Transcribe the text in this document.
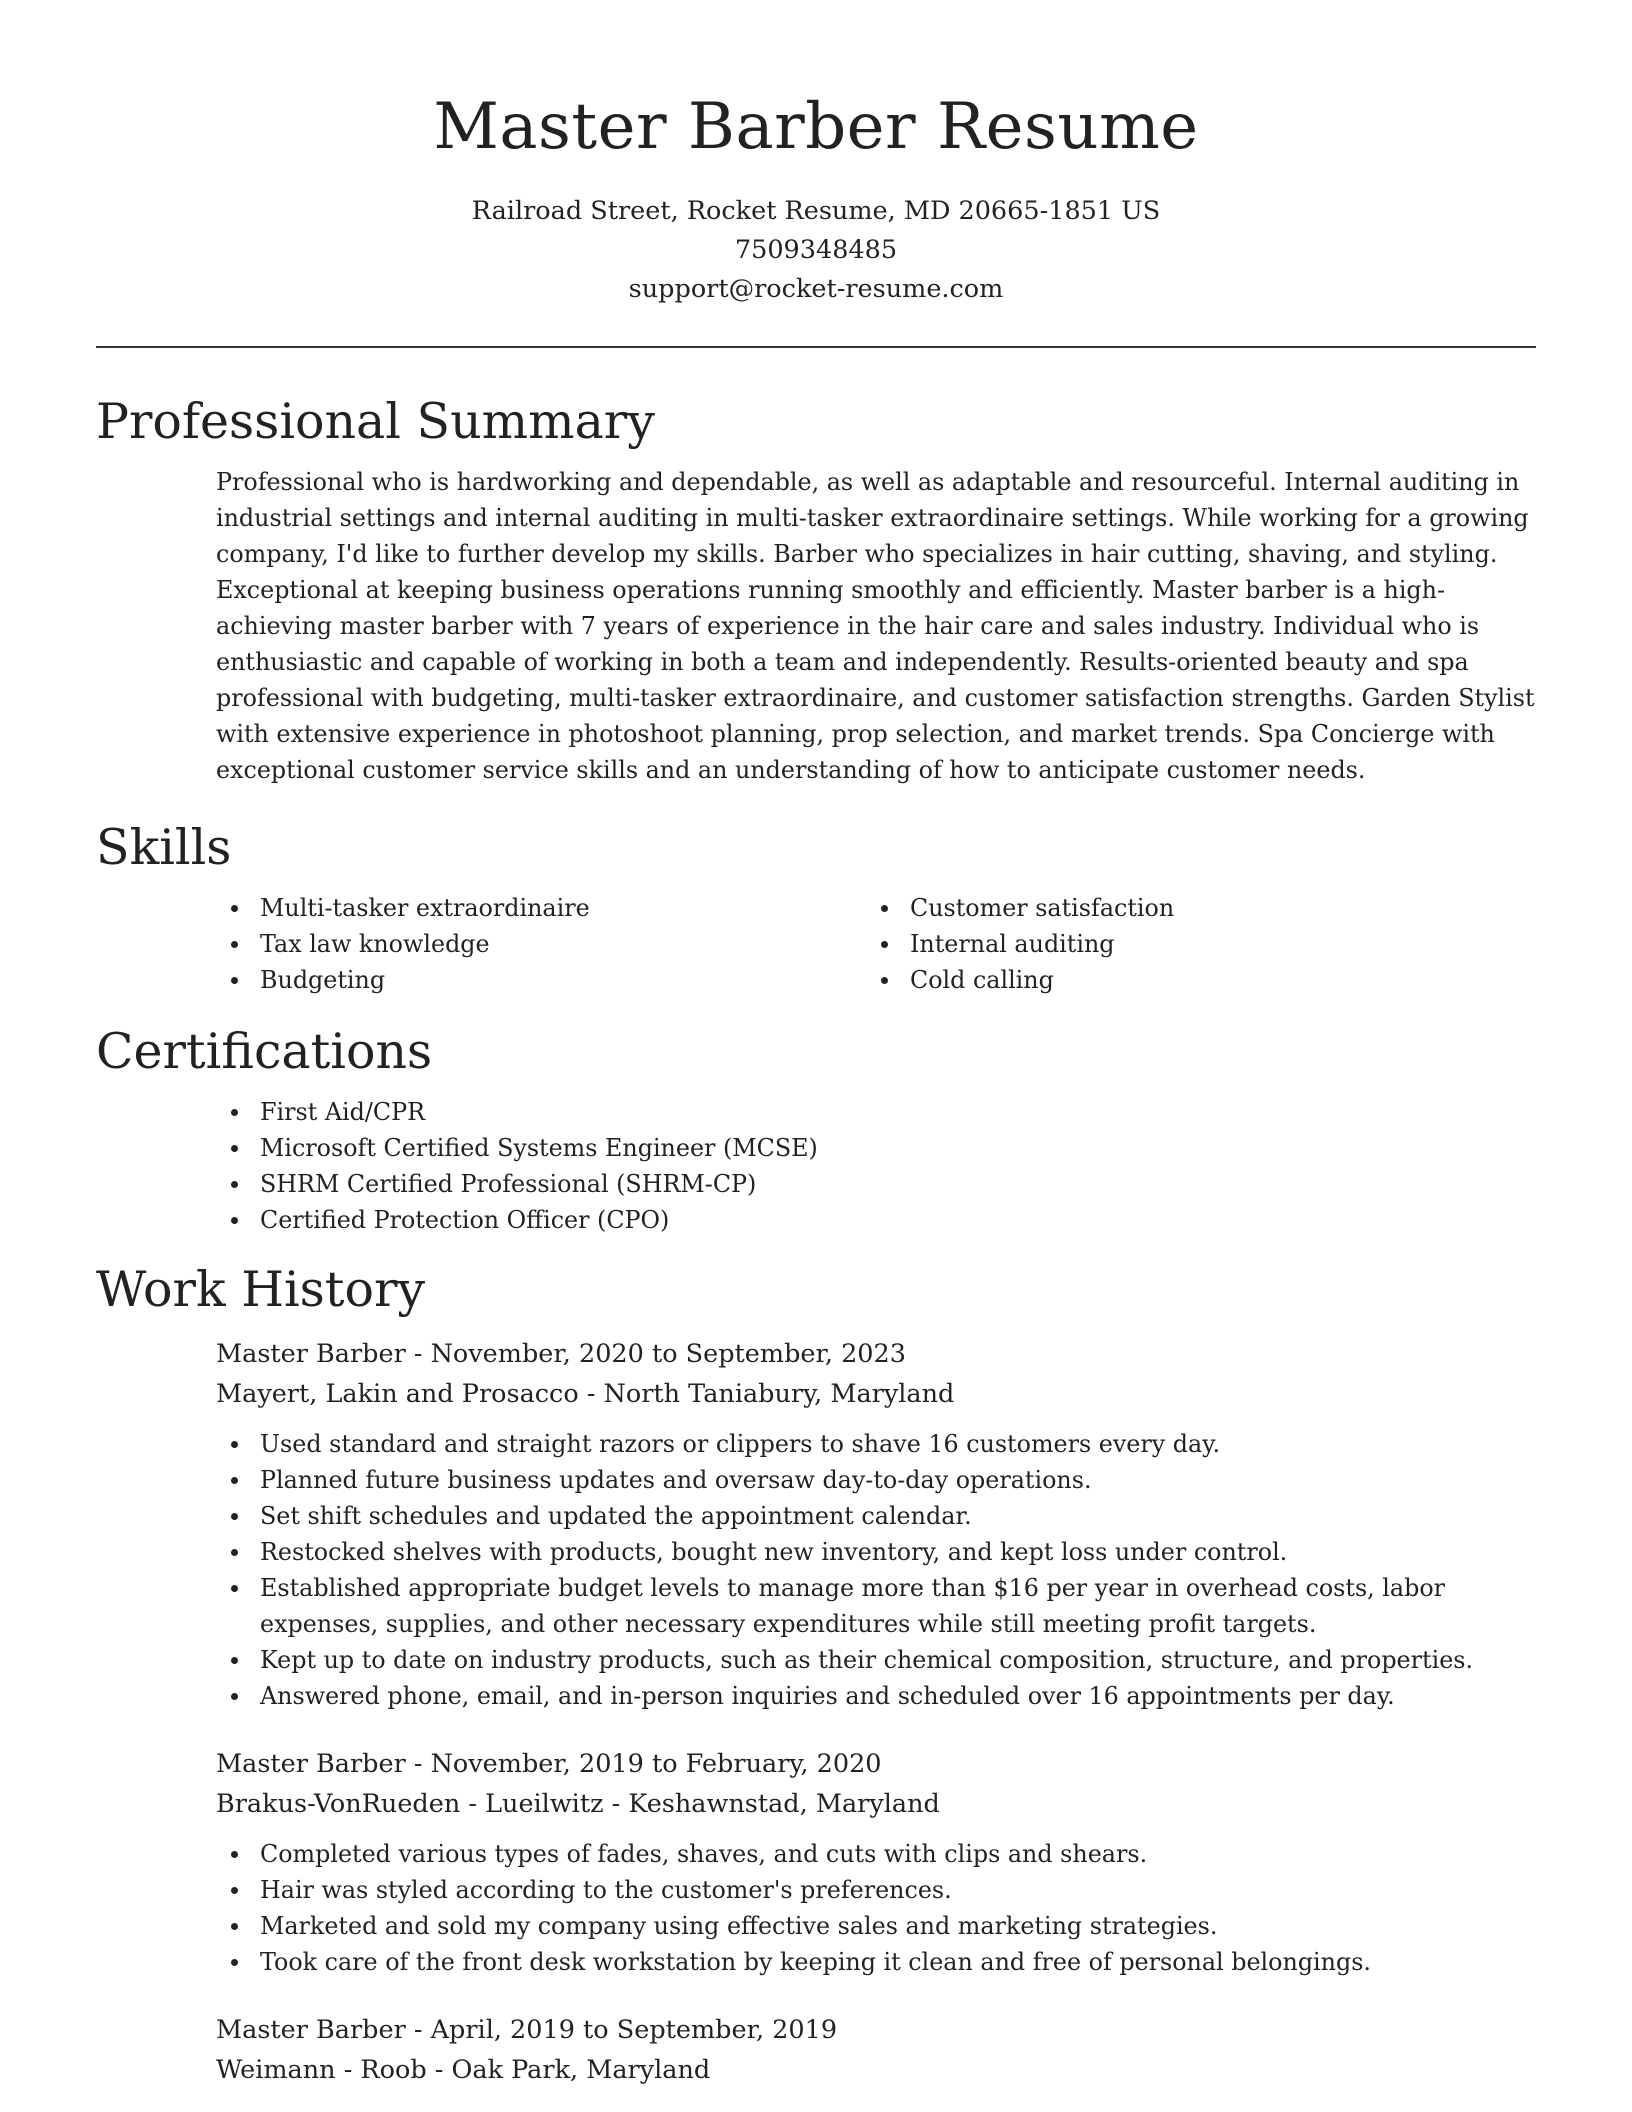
Master Barber Resume
Railroad Street, Rocket Resume, MD 20665-1851 US
7509348485
support@rocket-resume.com
Professional Summary
Professional who is hardworking and dependable, as well as adaptable and resourceful. Internal auditing in industrial settings and internal auditing in multi-tasker extraordinaire settings. While working for a growing company, I'd like to further develop my skills. Barber who specializes in hair cutting, shaving, and styling. Exceptional at keeping business operations running smoothly and efficiently. Master barber is a high-achieving master barber with 7 years of experience in the hair care and sales industry. Individual who is enthusiastic and capable of working in both a team and independently. Results-oriented beauty and spa professional with budgeting, multi-tasker extraordinaire, and customer satisfaction strengths. Garden Stylist with extensive experience in photoshoot planning, prop selection, and market trends. Spa Concierge with exceptional customer service skills and an understanding of how to anticipate customer needs.
Skills
Multi-tasker extraordinaire
Tax law knowledge
Budgeting
Customer satisfaction
Internal auditing
Cold calling
Certifications
First Aid/CPR
Microsoft Certified Systems Engineer (MCSE)
SHRM Certified Professional (SHRM-CP)
Certified Protection Officer (CPO)
Work History
Master Barber - November, 2020 to September, 2023
Mayert, Lakin and Prosacco - North Taniabury, Maryland
Used standard and straight razors or clippers to shave 16 customers every day.
Planned future business updates and oversaw day-to-day operations.
Set shift schedules and updated the appointment calendar.
Restocked shelves with products, bought new inventory, and kept loss under control.
Established appropriate budget levels to manage more than $16 per year in overhead costs, labor expenses, supplies, and other necessary expenditures while still meeting profit targets.
Kept up to date on industry products, such as their chemical composition, structure, and properties.
Answered phone, email, and in-person inquiries and scheduled over 16 appointments per day.
Master Barber - November, 2019 to February, 2020
Brakus-VonRueden - Lueilwitz - Keshawnstad, Maryland
Completed various types of fades, shaves, and cuts with clips and shears.
Hair was styled according to the customer's preferences.
Marketed and sold my company using effective sales and marketing strategies.
Took care of the front desk workstation by keeping it clean and free of personal belongings.
Master Barber - April, 2019 to September, 2019
Weimann - Roob - Oak Park, Maryland
